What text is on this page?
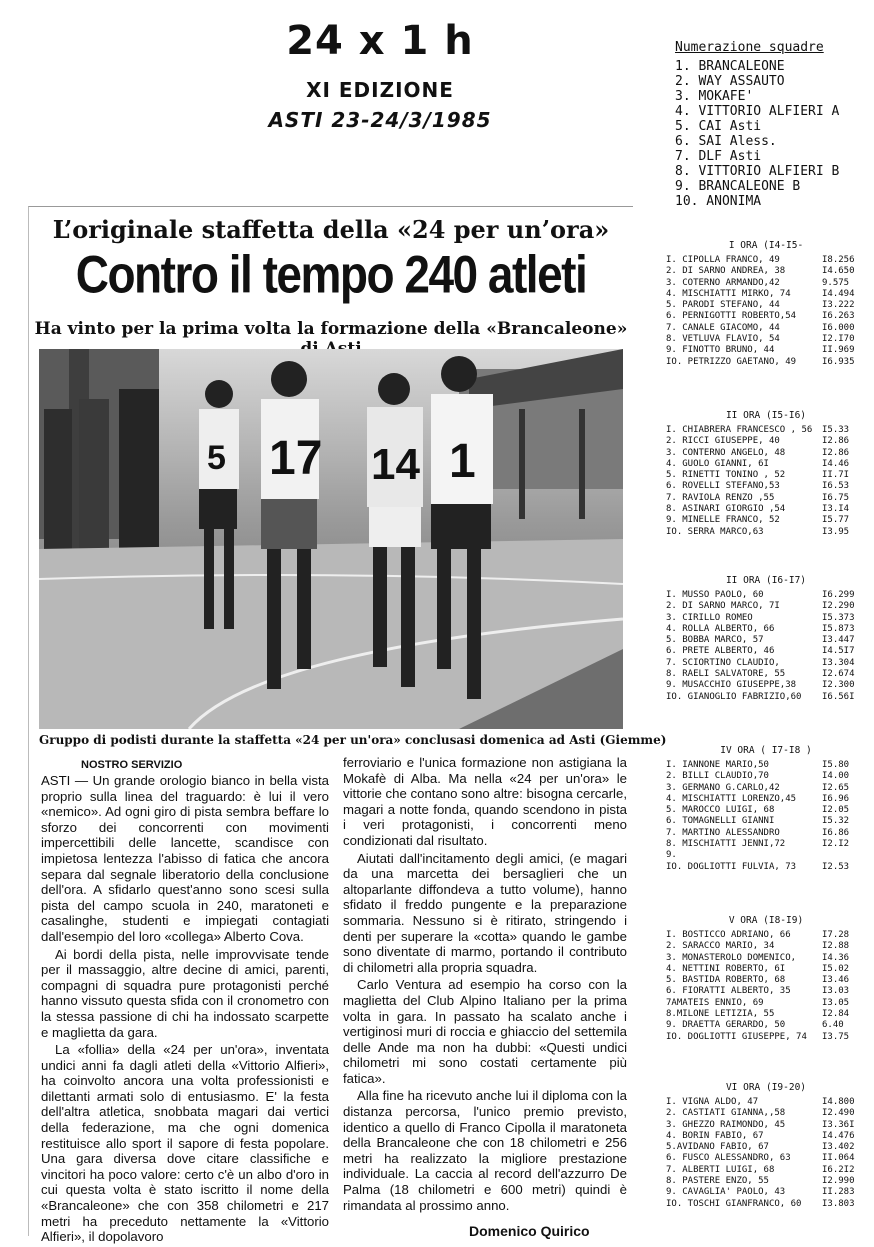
24 x 1 h
XI EDIZIONE
ASTI 23-24/3/1985
Numerazione squadre
1. BRANCALEONE
2. WAY ASSAUTO
3. MOKAFE'
4. VITTORIO ALFIERI A
5. CAI Asti
6. SAI Aless.
7. DLF Asti
8. VITTORIO ALFIERI B
9. BRANCALEONE B
10. ANONIMA
L’originale staffetta della «24 per un’ora»
Contro il tempo 240 atleti
Ha vinto per la prima volta la formazione della «Brancaleone»
5 17 14 1
Gruppo di podisti durante la staffetta «24 per un'ora» conclusasi domenica ad Asti (Giemme)
NOSTRO SERVIZIO

ASTI — Un grande orologio bianco in bella vista proprio sulla linea del traguardo: è lui il vero «nemico». Ad ogni giro di pista sembra beffare lo sforzo dei concorrenti con movimenti impercettibili delle lancette, scandisce con impietosa lentezza l'abisso di fatica che ancora separa dal segnale liberatorio della conclusione dell'ora. A sfidarlo quest'anno sono scesi sulla pista del campo scuola in 240, maratoneti e casalinghe, studenti e impiegati contagiati dall'esempio del loro «collega» Alberto Cova.

Ai bordi della pista, nelle improvvisate tende per il massaggio, altre decine di amici, parenti, compagni di squadra pure protagonisti perché hanno vissuto questa sfida con il cronometro con la stessa passione di chi ha indossato scarpette e maglietta da gara.

La «follia» della «24 per un'ora», inventata undici anni fa dagli atleti della «Vittorio Alfieri», ha coinvolto ancora una volta professionisti e dilettanti armati solo di entusiasmo. E' la festa dell'altra atletica, snobbata magari dai vertici della federazione, ma che ogni domenica restituisce allo sport il sapore di festa popolare. Una gara diversa dove citare classifiche e vincitori ha poco valore: certo c'è un albo d'oro in cui questa volta è stato iscritto il nome della «Brancaleone» che con 358 chilometri e 217 metri ha preceduto nettamente la «Vittorio Alfieri», il dopolavoro

ferroviario e l'unica formazione non astigiana la Mokafè di Alba. Ma nella «24 per un'ora» le vittorie che contano sono altre: bisogna cercarle, magari a notte fonda, quando scendono in pista i veri protagonisti, i concorrenti meno condizionati dal risultato.

Aiutati dall'incitamento degli amici, (e magari da una marcetta dei bersaglieri che un altoparlante diffondeva a tutto volume), hanno sfidato il freddo pungente e la preparazione sommaria. Nessuno si è ritirato, stringendo i denti per superare la «cotta» quando le gambe sono diventate di marmo, portando il contributo di chilometri alla propria squadra.

Carlo Ventura ad esempio ha corso con la maglietta del Club Alpino Italiano per la prima volta in gara. In passato ha scalato anche i vertiginosi muri di roccia e ghiaccio del settemila delle Ande ma non ha dubbi: «Questi undici chilometri mi sono costati certamente più fatica».

Alla fine ha ricevuto anche lui il diploma con la distanza percorsa, l'unico premio previsto, identico a quello di Franco Cipolla il maratoneta della Brancaleone che con 18 chilometri e 256 metri ha realizzato la migliore prestazione individuale. La caccia al record dell'azzurro De Palma (18 chilometri e 600 metri) quindi è rimandata al prossimo anno.

Domenico Quirico
I ORA (I4-I5-
I. CIPOLLA FRANCO, 49	I8.256
2. DI SARNO ANDREA, 38	I4.650
3. COTERNO ARMANDO,42	9.575
4. MISCHIATTI MIRKO, 74	I4.494
5. PARODI STEFANO, 44	I3.222
6. PERNIGOTTI ROBERTO,54	I6.263
7. CANALE GIACOMO, 44	I6.000
8. VETLUVA FLAVIO, 54	I2.I70
9. FINOTTO BRUNO, 44	II.969
IO. PETRIZZO GAETANO, 49	I6.935
II ORA (I5-I6)
I. CHIABRERA FRANCESCO , 56 I5.33
2. RICCI GIUSEPPE, 40	I2.86
3. CONTERNO ANGELO, 48	I2.86
4. GUOLO GIANNI, 6I	I4.46
5. RINETTI TONINO , 52	II.7I
6. ROVELLI STEFANO,53	I6.53
7. RAVIOLA RENZO ,55	I6.75
8. ASINARI GIORGIO ,54	I3.I4
9. MINELLE FRANCO, 52	I5.77
IO. SERRA MARCO,63	I3.95
II ORA (I6-I7)
I. MUSSO PAOLO, 60	I6.299
2. DI SARNO MARCO, 7I	I2.290
3. CIRILLO ROMEO	I5.373
4. ROLLA ALBERTO, 66	I5.873
5. BOBBA MARCO, 57	I3.447
6. PRETE ALBERTO, 46	I4.5I7
7. SCIORTINO CLAUDIO,	I3.304
8. RAELI SALVATORE, 55	I2.674
9. MUSACCHIO GIUSEPPE,38	I2.300
IO. GIANOGLIO FABRIZIO,60 I6.56I
IV ORA ( I7-I8 )
I. IANNONE MARIO,50	I5.80
2. BILLI CLAUDIO,70	I4.00
3. GERMANO G.CARLO,42	I2.65
4. MISCHIATTI LORENZO,45	I6.96
5. MAROCCO LUIGI, 68	I2.05
6. TOMAGNELLI GIANNI	I5.32
7. MARTINO ALESSANDRO	I6.86
8. MISCHIATTI JENNI,72	I2.I2
9.
IO. DOGLIOTTI FULVIA, 73	I2.53
V ORA (I8-I9)
I. BOSTICCO ADRIANO, 66	I7.28
2. SARACCO MARIO, 34	I2.88
3. MONASTEROLO DOMENICO,	I4.36
4. NETTINI ROBERTO, 6I	I5.02
5. BASTIDA ROBERTO, 68	I3.46
6. FIORATTI ALBERTO, 35	I3.03
7AMATEIS ENNIO, 69	I3.05
8.MILONE LETIZIA, 55	I2.84
9. DRAETTA GERARDO, 50	6.40
IO. DOGLIOTTI GIUSEPPE, 74 I3.75
VI ORA (I9-20)
I. VIGNA ALDO, 47	I4.800
2. CASTIATI GIANNA,,58	I2.490
3. GHEZZO RAIMONDO, 45	I3.36I
4. BORIN FABIO, 67	I4.476
5.AVIDANO FABIO, 67	I3.402
6. FUSCO ALESSANDRO, 63	II.064
7. ALBERTI LUIGI, 68	I6.2I2
8. PASTERE ENZO, 55	I2.990
9. CAVAGLIA' PAOLO, 43	II.283
IO. TOSCHI GIANFRANCO, 60 I3.803
